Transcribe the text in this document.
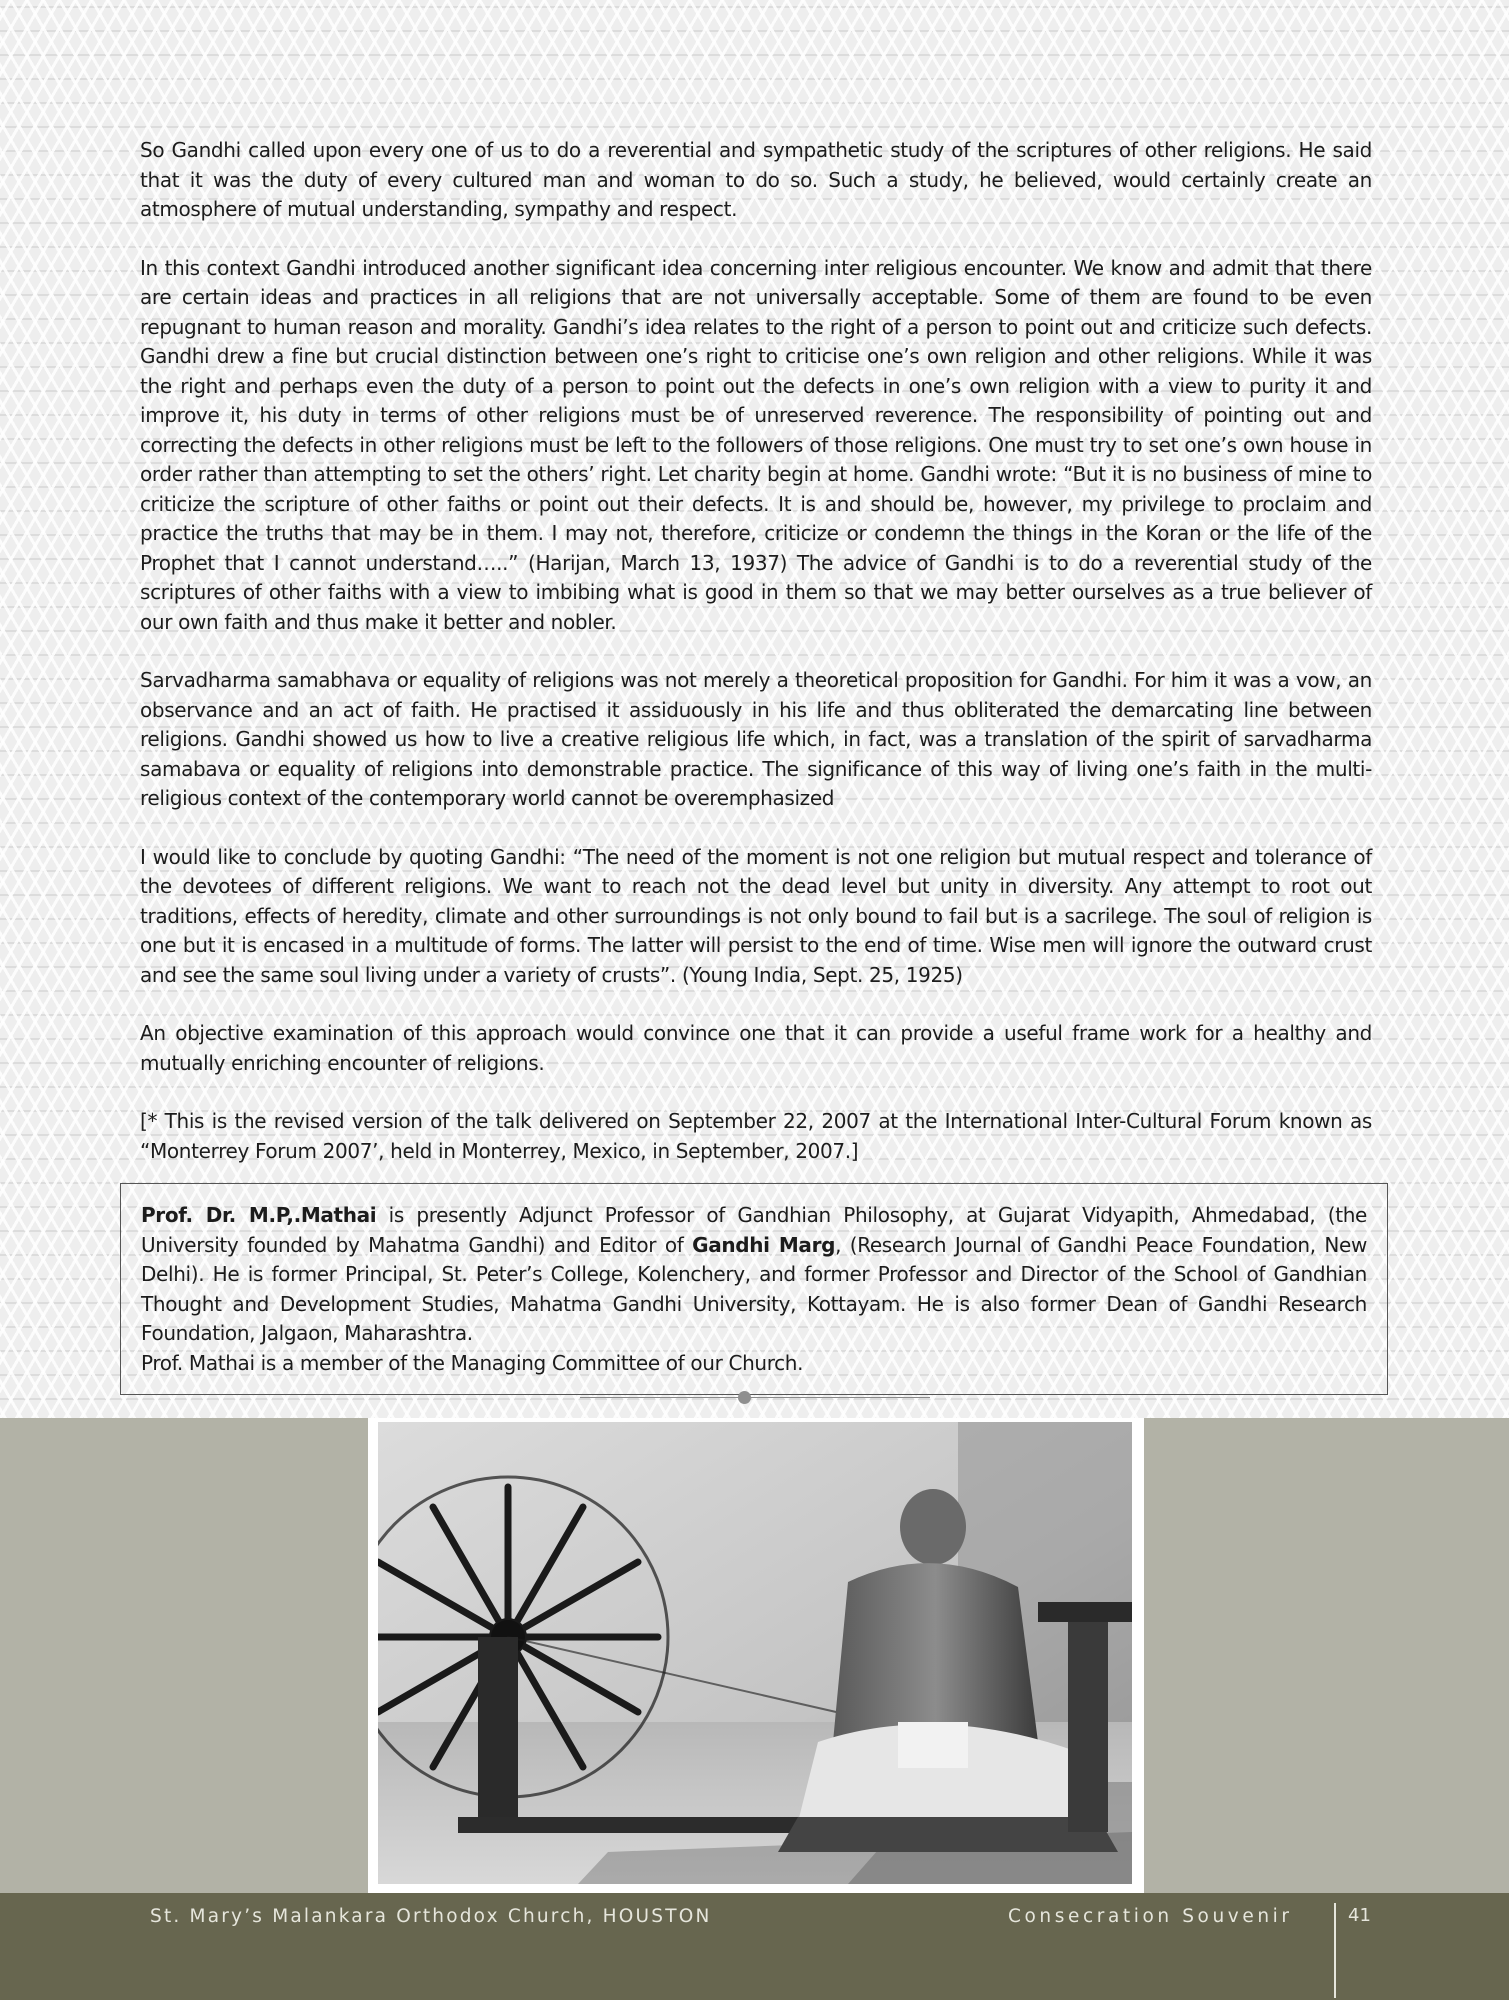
So Gandhi called upon every one of us to do a reverential and sympathetic study of the scriptures of other religions. He said that it was the duty of every cultured man and woman to do so. Such a study, he believed, would certainly create an atmosphere of mutual understanding, sympathy and respect.

In this context Gandhi introduced another significant idea concerning inter religious encounter. We know and admit that there are certain ideas and practices in all religions that are not universally acceptable. Some of them are found to be even repugnant to human reason and morality. Gandhi’s idea relates to the right of a person to point out and criticize such defects. Gandhi drew a fine but crucial distinction between one’s right to criticise one’s own religion and other religions. While it was the right and perhaps even the duty of a person to point out the defects in one’s own religion with a view to purity it and improve it, his duty in terms of other religions must be of unreserved reverence. The responsibility of pointing out and correcting the defects in other religions must be left to the followers of those religions. One must try to set one’s own house in order rather than attempting to set the others’ right. Let charity begin at home. Gandhi wrote: “But it is no business of mine to criticize the scripture of other faiths or point out their defects. It is and should be, however, my privilege to proclaim and practice the truths that may be in them. I may not, therefore, criticize or condemn the things in the Koran or the life of the Prophet that I cannot understand…..” (Harijan, March 13, 1937) The advice of Gandhi is to do a reverential study of the scriptures of other faiths with a view to imbibing what is good in them so that we may better ourselves as a true believer of our own faith and thus make it better and nobler.

Sarvadharma samabhava or equality of religions was not merely a theoretical proposition for Gandhi. For him it was a vow, an observance and an act of faith. He practised it assiduously in his life and thus obliterated the demarcating line between religions. Gandhi showed us how to live a creative religious life which, in fact, was a translation of the spirit of sarvadharma samabava or equality of religions into demonstrable practice. The significance of this way of living one’s faith in the multi-religious context of the contemporary world cannot be overemphasized

I would like to conclude by quoting Gandhi: “The need of the moment is not one religion but mutual respect and tolerance of the devotees of different religions. We want to reach not the dead level but unity in diversity. Any attempt to root out traditions, effects of heredity, climate and other surroundings is not only bound to fail but is a sacrilege. The soul of religion is one but it is encased in a multitude of forms. The latter will persist to the end of time. Wise men will ignore the outward crust and see the same soul living under a variety of crusts”. (Young India, Sept. 25, 1925)

An objective examination of this approach would convince one that it can provide a useful frame work for a healthy and mutually enriching encounter of religions.

[* This is the revised version of the talk delivered on September 22, 2007 at the International Inter-Cultural Forum known as “Monterrey Forum 2007’, held in Monterrey, Mexico, in September, 2007.]

Prof. Dr. M.P,.Mathai is presently Adjunct Professor of Gandhian Philosophy, at Gujarat Vidyapith, Ahmedabad, (the University founded by Mahatma Gandhi) and Editor of Gandhi Marg, (Research Journal of Gandhi Peace Foundation, New Delhi). He is former Principal, St. Peter’s College, Kolenchery, and former Professor and Director of the School of Gandhian Thought and Development Studies, Mahatma Gandhi University, Kottayam. He is also former Dean of Gandhi Research Foundation, Jalgaon, Maharashtra.

Prof. Mathai is a member of the Managing Committee of our Church.

St. Mary’s Malankara Orthodox Church, HOUSTON	Consecration Souvenir	41
